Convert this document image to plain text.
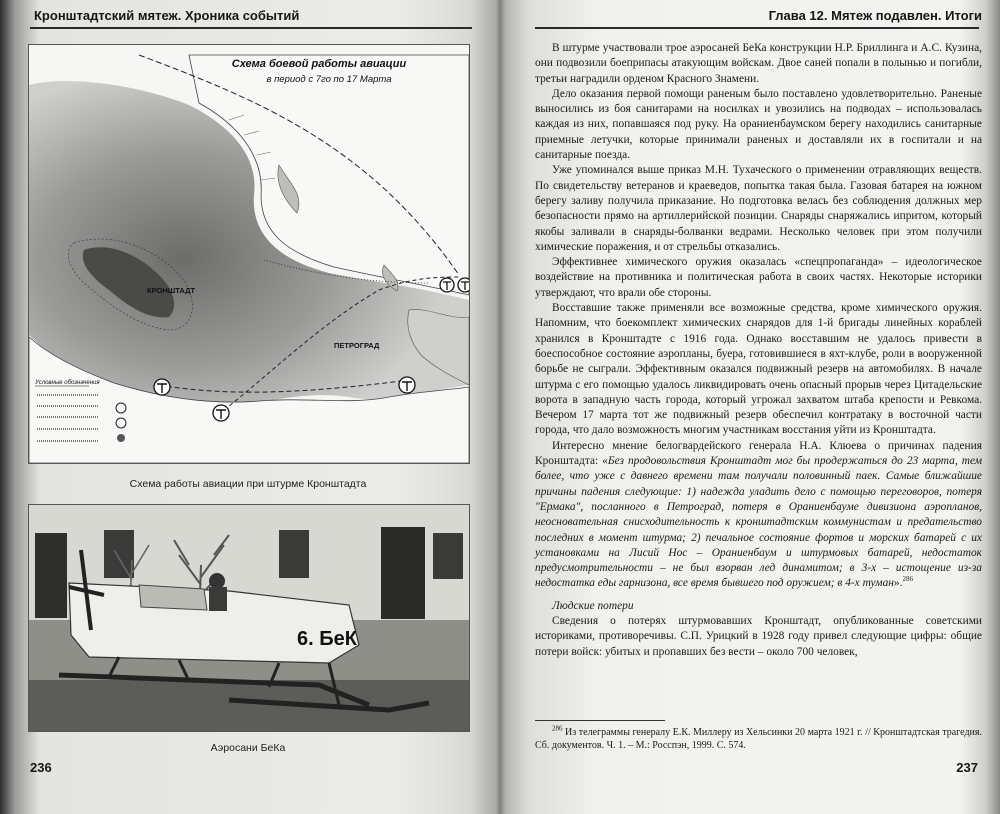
Кронштадтский мятеж. Хроника событий
КРОНШТАДТ
ПЕТРОГРАД
Схема боевой работы авиации
в период с 7го по 17 Марта
Условные обозначения
Схема работы авиации при штурме Кронштадта
6. БеК
Аэросани БеКа
236
Глава 12. Мятеж подавлен. Итоги

В штурме участвовали трое аэросаней БеКа конструкции Н.Р. Бриллинга и А.С. Кузина, они подвозили боеприпасы атакующим войскам. Двое саней попали в полынью и погибли, третьи наградили орденом Красного Знамени.

Дело оказания первой помощи раненым было поставлено удовлетворительно. Раненые выносились из боя санитарами на носилках и увозились на подводах – использовалась каждая из них, попавшаяся под руку. На ораниенбаумском берегу находились санитарные приемные летучки, которые принимали раненых и доставляли их в госпитали и на санитарные поезда.

Уже упоминался выше приказ М.Н. Тухаческого о применении отравляющих веществ. По свидетельству ветеранов и краеведов, попытка такая была. Газовая батарея на южном берегу заливу получила приказание. Но подготовка велась без соблюдения должных мер безопасности прямо на артиллерийской позиции. Снаряды снаряжались ипритом, который якобы заливали в снаряды-болванки ведрами. Несколько человек при этом получили химические поражения, и от стрельбы отказались.

Эффективнее химического оружия оказалась «спецпропаганда» – идеологическое воздействие на противника и политическая работа в своих частях. Некоторые историки утверждают, что врали обе стороны.

Восставшие также применяли все возможные средства, кроме химического оружия. Напомним, что боекомплект химических снарядов для 1-й бригады линейных кораблей хранился в Кронштадте с 1916 года. Однако восставшим не удалось привести в боеспособное состояние аэропланы, буера, готовившиеся в яхт-клубе, роли в вооруженной борьбе не сыграли. Эффективным оказался подвижный резерв на автомобилях. В начале штурма с его помощью удалось ликвидировать очень опасный прорыв через Цитадельские ворота в западную часть города, который угрожал захватом штаба крепости и Ревкома. Вечером 17 марта тот же подвижный резерв обеспечил контратаку в восточной части города, что дало возможность многим участникам восстания уйти из Кронштадта.

Интересно мнение белогвардейского генерала Н.А. Клюева о причинах падения Кронштадта: «Без продовольствия Кронштадт мог бы продержаться до 23 марта, тем более, что уже с давнего времени там получали половинный паек. Самые ближайшие причины падения следующие: 1) надежда уладить дело с помощью переговоров, потеря "Ермака", посланного в Петроград, потеря в Ораниенбауме дивизиона аэропланов, неосновательная снисходительность к кронштадтским коммунистам и предательство последних в момент штурма; 2) печальное состояние фортов и морских батарей с их установками на Лисий Нос – Ораниенбаум и штурмовых батарей, недостаток предусмотрительности – не был взорван лед динамитом; в 3-х – истощение из-за недостатка еды гарнизона, все время бывшего под оружием; в 4-х туман».$^{286}$

Людские потери

Сведения о потерях штурмовавших Кронштадт, опубликованные советскими историками, противоречивы. С.П. Урицкий в 1928 году привел следующие цифры: общие потери войск: убитых и пропавших без вести – около 700 человек,

$^{286}$ Из телеграммы генералу Е.К. Миллеру из Хельсинки 20 марта 1921 г. // Кронштадтская трагедия. Сб. документов. Ч. 1. – М.: Росспэн, 1999. С. 574.
237
